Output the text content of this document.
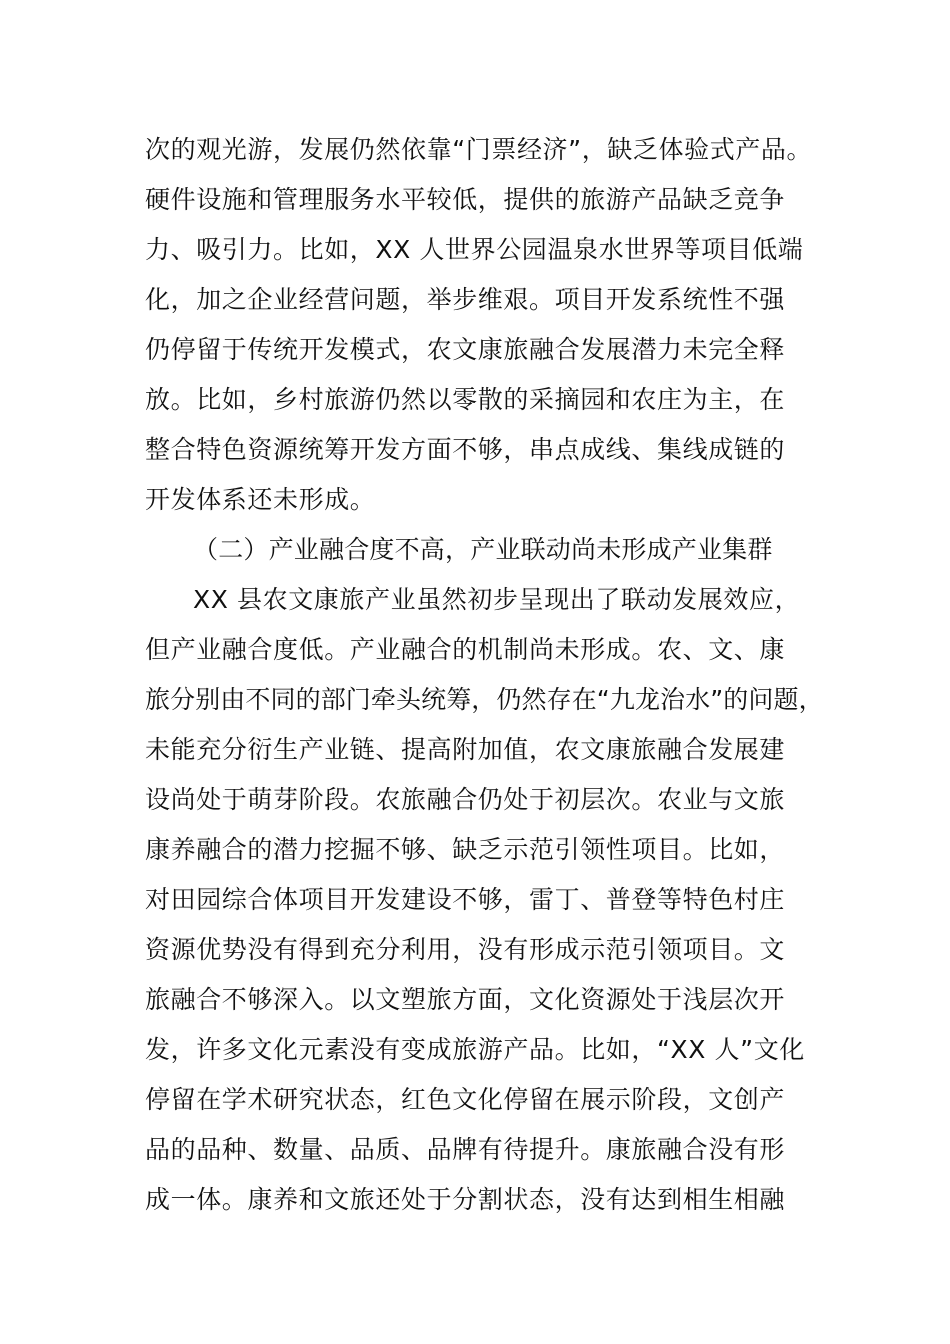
次的观光游，发展仍然依靠“门票经济”，缺乏体验式产品。
硬件设施和管理服务水平较低，提供的旅游产品缺乏竞争
力、吸引力。比如，XX 人世界公园温泉水世界等项目低端
化，加之企业经营问题，举步维艰。项目开发系统性不强
仍停留于传统开发模式，农文康旅融合发展潜力未完全释
放。比如，乡村旅游仍然以零散的采摘园和农庄为主，在
整合特色资源统筹开发方面不够，串点成线、集线成链的
开发体系还未形成。
（二）产业融合度不高，产业联动尚未形成产业集群
XX 县农文康旅产业虽然初步呈现出了联动发展效应，
但产业融合度低。产业融合的机制尚未形成。农、文、康
旅分别由不同的部门牵头统筹，仍然存在“九龙治水”的问题，
未能充分衍生产业链、提高附加值，农文康旅融合发展建
设尚处于萌芽阶段。农旅融合仍处于初层次。农业与文旅
康养融合的潜力挖掘不够、缺乏示范引领性项目。比如，
对田园综合体项目开发建设不够，雷丁、普登等特色村庄
资源优势没有得到充分利用，没有形成示范引领项目。文
旅融合不够深入。以文塑旅方面，文化资源处于浅层次开
发，许多文化元素没有变成旅游产品。比如，“XX 人”文化
停留在学术研究状态，红色文化停留在展示阶段，文创产
品的品种、数量、品质、品牌有待提升。康旅融合没有形
成一体。康养和文旅还处于分割状态，没有达到相生相融
